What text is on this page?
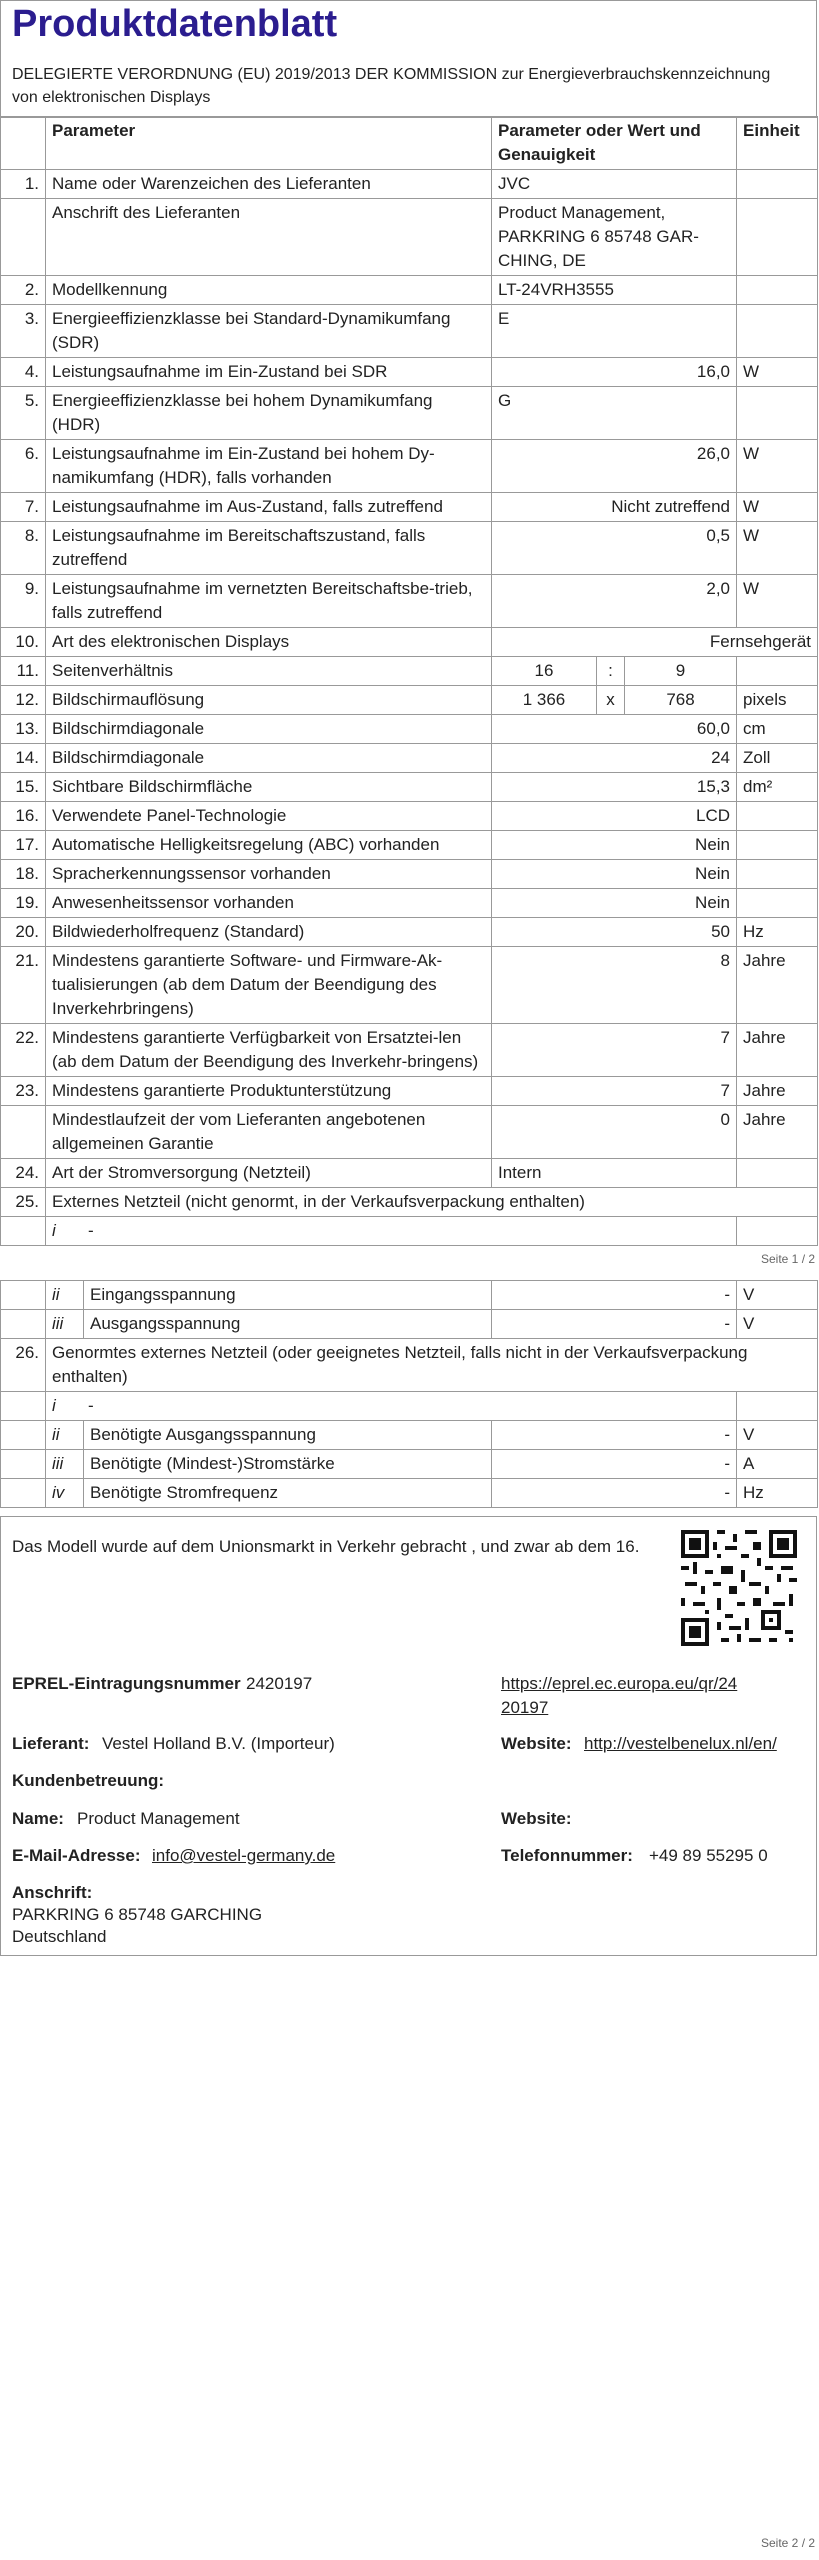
Produktdatenblatt
DELEGIERTE VERORDNUNG (EU) 2019/2013 DER KOMMISSION zur Energieverbrauchskennzeichnung von elektronischen Displays
	Parameter	Parameter oder Wert und Genauigkeit			Einheit
1.	Name oder Warenzeichen des Lieferanten	JVC			
	Anschrift des Lieferanten	Product Management, PARKRING 6 85748 GAR-CHING, DE			
2.	Modellkennung	LT-24VRH3555			
3.	Energieeffizienzklasse bei Standard-Dynamikumfang (SDR)	E			
4.	Leistungsaufnahme im Ein-Zustand bei SDR	16,0			W
5.	Energieeffizienzklasse bei hohem Dynamikumfang (HDR)	G			
6.	Leistungsaufnahme im Ein-Zustand bei hohem Dy-namikumfang (HDR), falls vorhanden	26,0			W
7.	Leistungsaufnahme im Aus-Zustand, falls zutreffend	Nicht zutreffend			W
8.	Leistungsaufnahme im Bereitschaftszustand, falls zutreffend	0,5			W
9.	Leistungsaufnahme im vernetzten Bereitschaftsbe-trieb, falls zutreffend	2,0			W
10.	Art des elektronischen Displays	Fernsehgerät			
11.	Seitenverhältnis	16	:	9	
12.	Bildschirmauflösung	1 366	x	768	pixels
13.	Bildschirmdiagonale	60,0			cm
14.	Bildschirmdiagonale	24			Zoll
15.	Sichtbare Bildschirmfläche	15,3			dm²
16.	Verwendete Panel-Technologie	LCD			
17.	Automatische Helligkeitsregelung (ABC) vorhanden	Nein			
18.	Spracherkennungssensor vorhanden	Nein			
19.	Anwesenheitssensor vorhanden	Nein			
20.	Bildwiederholfrequenz (Standard)	50			Hz
21.	Mindestens garantierte Software- und Firmware-Ak-tualisierungen (ab dem Datum der Beendigung des Inverkehrbringens)	8			Jahre
22.	Mindestens garantierte Verfügbarkeit von Ersatztei-len (ab dem Datum der Beendigung des Inverkehr-bringens)	7			Jahre
23.	Mindestens garantierte Produktunterstützung	7			Jahre
	Mindestlaufzeit der vom Lieferanten angebotenen allgemeinen Garantie	0			Jahre
24.	Art der Stromversorgung (Netzteil)	Intern			
25.	Externes Netzteil (nicht genormt, in der Verkaufsverpackung enthalten)				
	i -				
Seite 1 / 2
	ii	Eingangsspannung	-	V
	iii	Ausgangsspannung	-	V
26.	Genormtes externes Netzteil (oder geeignetes Netzteil, falls nicht in der Verkaufsverpackung enthalten)			
	i -			
	ii	Benötigte Ausgangsspannung	-	V
	iii	Benötigte (Mindest-)Stromstärke	-	A
	iv	Benötigte Stromfrequenz	-	Hz
Das Modell wurde auf dem Unionsmarkt in Verkehr gebracht , und zwar ab dem 16.
EPREL-Eintragungsnummer 2420197	https://eprel.ec.europa.eu/qr/24
20197
Lieferant: Vestel Holland B.V. (Importeur)	Website: http://vestelbenelux.nl/en/
Kundenbetreuung:
Name: Product Management	Website:
E-Mail-Adresse: info@vestel-germany.de	Telefonnummer: +49 89 55295 0
Anschrift:
PARKRING 6 85748 GARCHING
Deutschland
Seite 2 / 2
